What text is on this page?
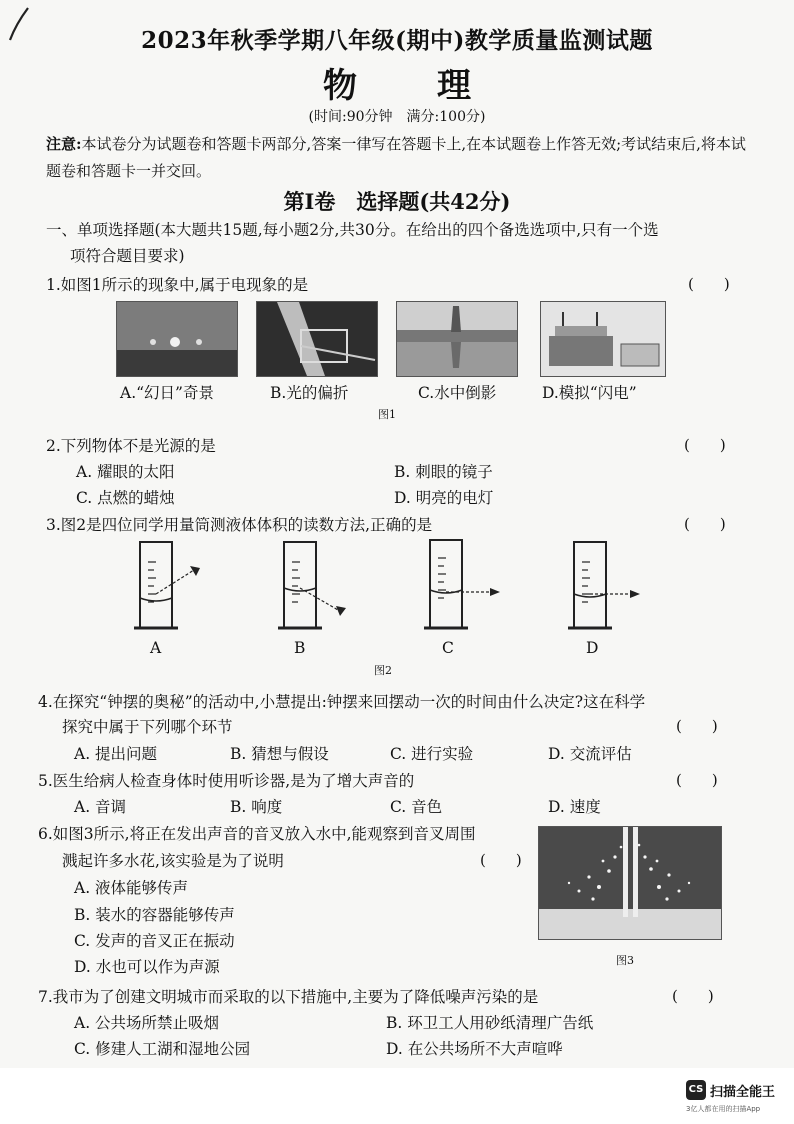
2023年秋季学期八年级(期中)教学质量监测试题
物 理
(时间:90分钟　满分:100分)
注意:本试卷分为试题卷和答题卡两部分,答案一律写在答题卡上,在本试题卷上作答无效;考试结束后,将本试题卷和答题卡一并交回。
第Ⅰ卷　选择题(共42分)
一、单项选择题(本大题共15题,每小题2分,共30分。在给出的四个备选选项中,只有一个选
项符合题目要求)
1.如图1所示的现象中,属于电现象的是	(　　)
A.“幻日”奇景	B.光的偏折	C.水中倒影	D.模拟“闪电”
图1
2.下列物体不是光源的是	(　　)
A. 耀眼的太阳	B. 刺眼的镜子
C. 点燃的蜡烛	D. 明亮的电灯
3.图2是四位同学用量筒测液体体积的读数方法,正确的是	(　　)
A	B	C	D
图2
4.在探究“钟摆的奥秘”的活动中,小慧提出:钟摆来回摆动一次的时间由什么决定?这在科学
探究中属于下列哪个环节	(　　)
A. 提出问题	B. 猜想与假设	C. 进行实验	D. 交流评估
5.医生给病人检查身体时使用听诊器,是为了增大声音的	(　　)
A. 音调	B. 响度	C. 音色	D. 速度
6.如图3所示,将正在发出声音的音叉放入水中,能观察到音叉周围
溅起许多水花,该实验是为了说明	(　　)
A. 液体能够传声
B. 装水的容器能够传声
C. 发声的音叉正在振动
D. 水也可以作为声源	图3
7.我市为了创建文明城市而采取的以下措施中,主要为了降低噪声污染的是	(　　)
A. 公共场所禁止吸烟	B. 环卫工人用砂纸清理广告纸
C. 修建人工湖和湿地公园	D. 在公共场所不大声喧哗
CS 扫描全能王
3亿人都在用的扫描App
